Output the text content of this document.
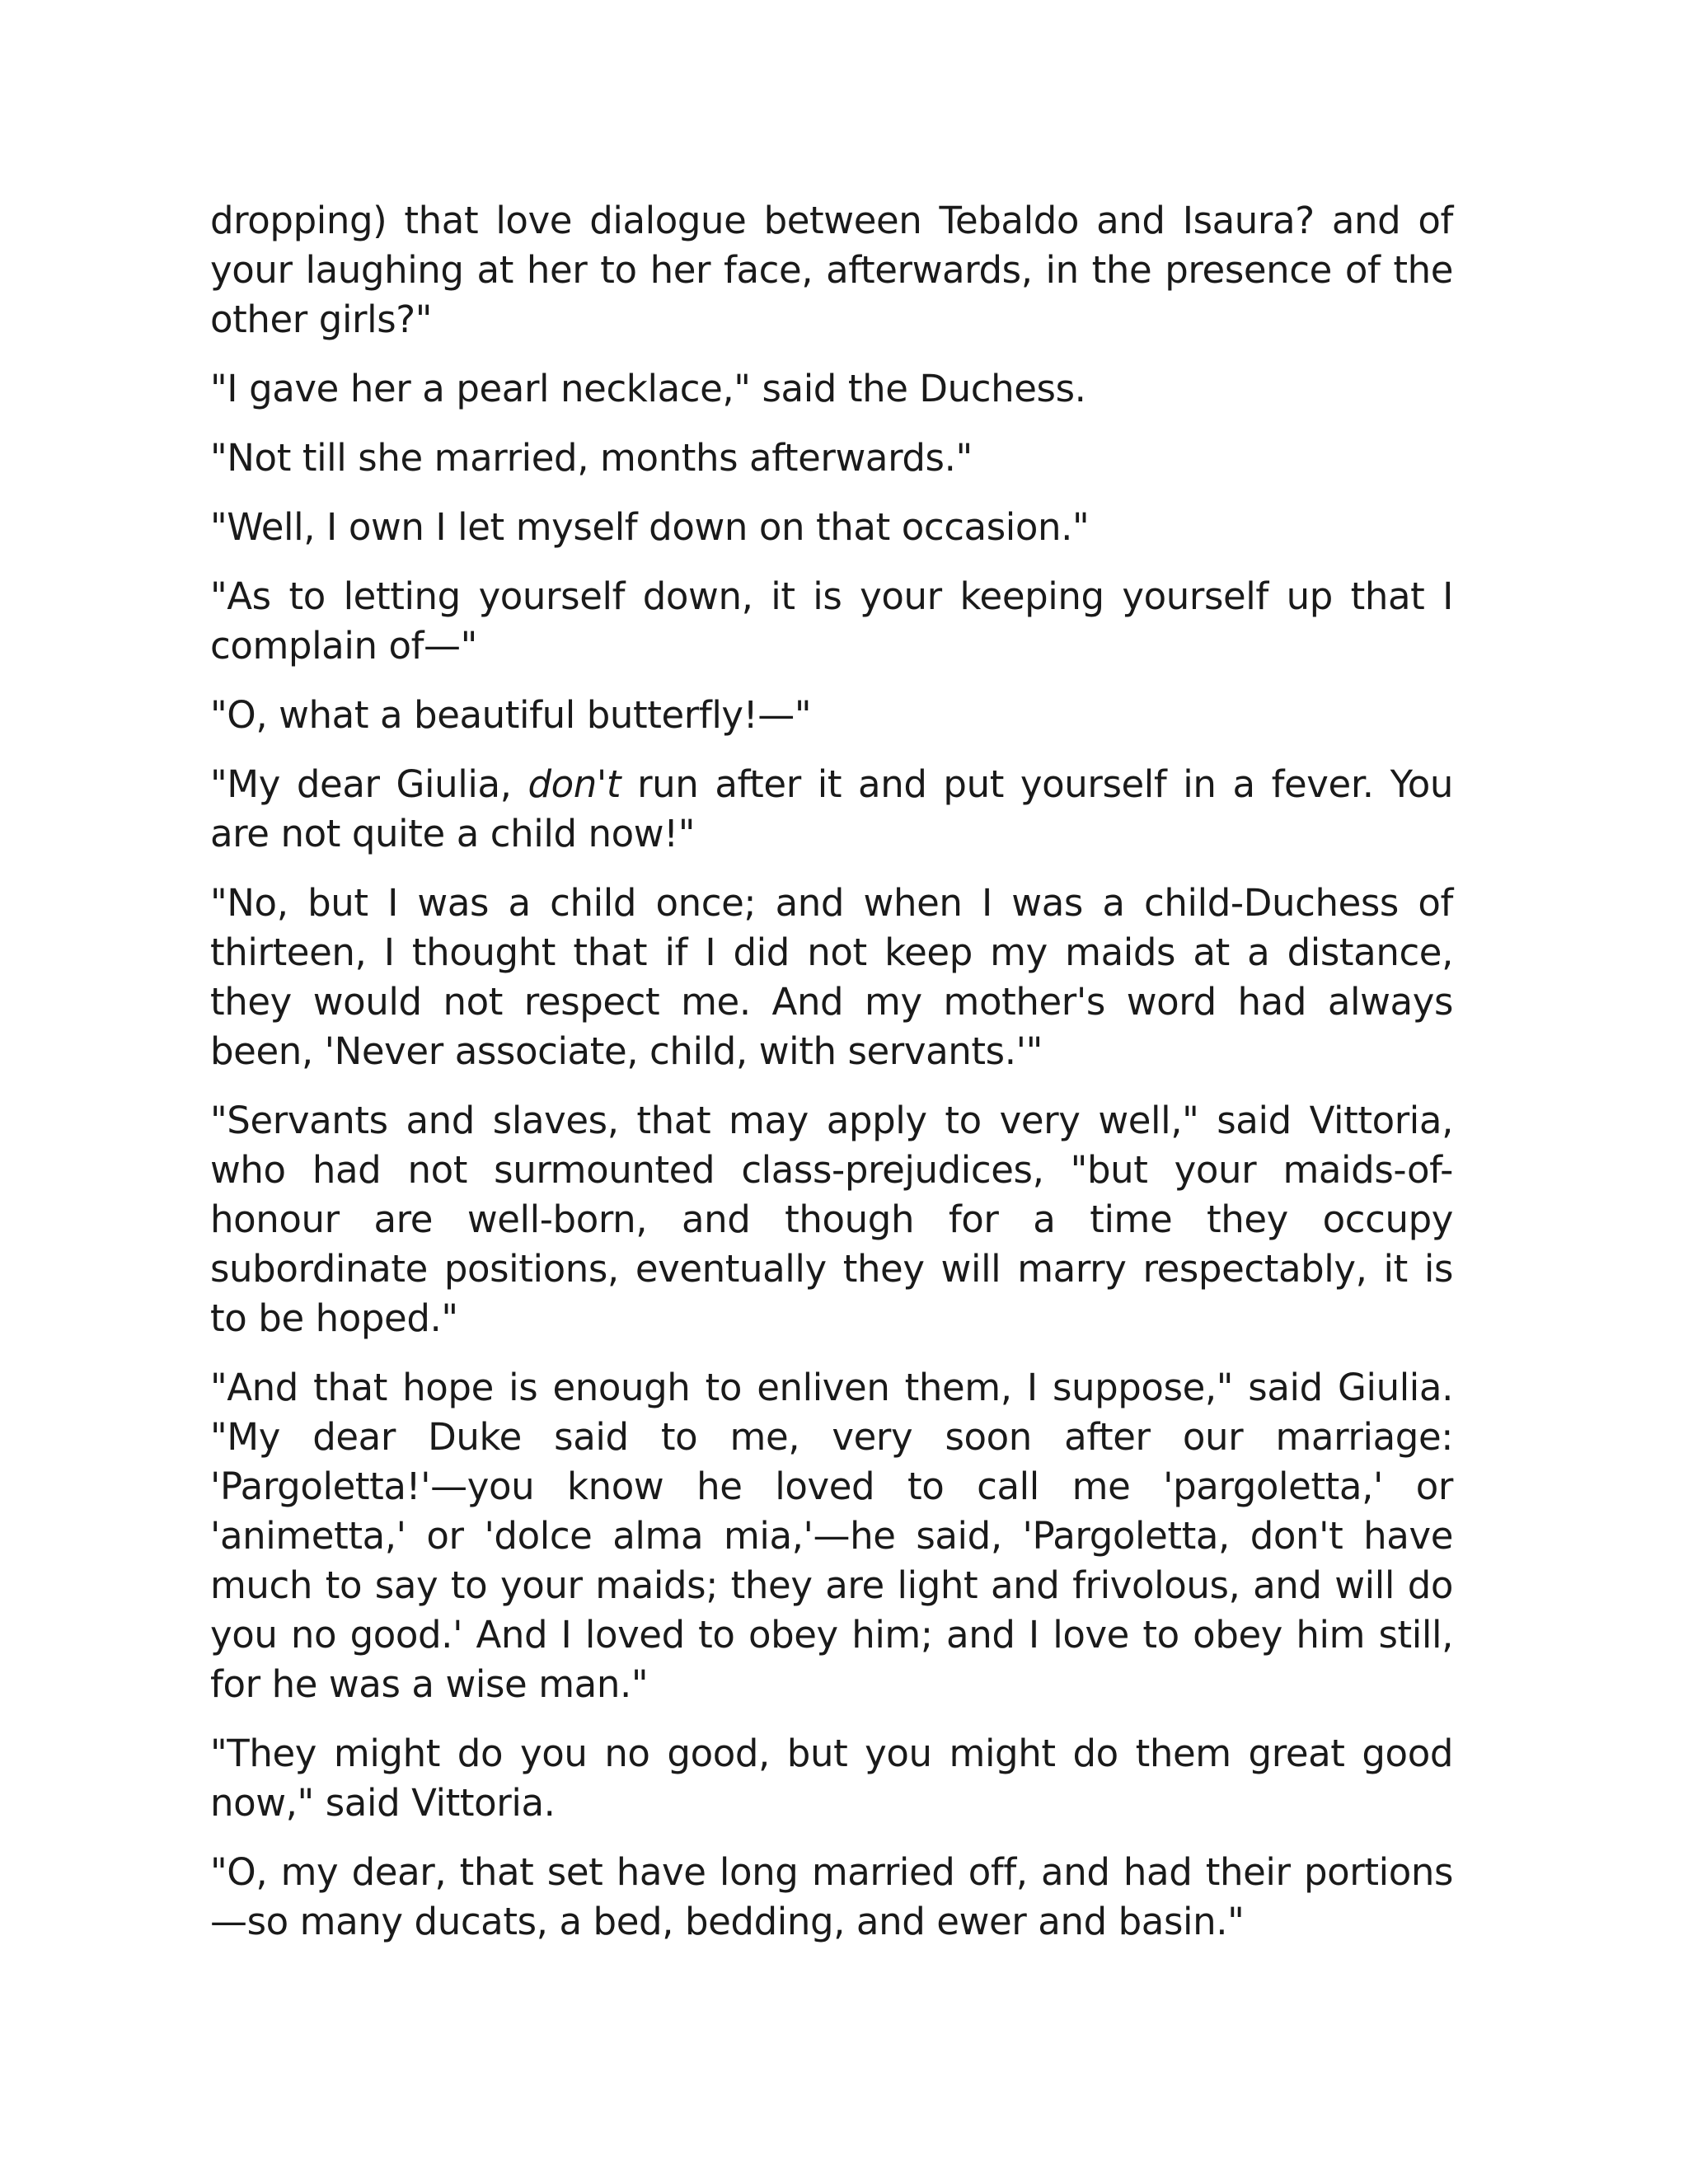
dropping) that love dialogue between Tebaldo and Isaura? and of your laughing at her to her face, afterwards, in the presence of the other girls?"

"I gave her a pearl necklace," said the Duchess.

"Not till she married, months afterwards."

"Well, I own I let myself down on that occasion."

"As to letting yourself down, it is your keeping yourself up that I complain of—"

"O, what a beautiful butterfly!—"

"My dear Giulia, don't run after it and put yourself in a fever. You are not quite a child now!"

"No, but I was a child once; and when I was a child-Duchess of thirteen, I thought that if I did not keep my maids at a distance, they would not respect me. And my mother's word had always been, 'Never associate, child, with servants.'"

"Servants and slaves, that may apply to very well," said Vittoria, who had not surmounted class-prejudices, "but your maids-of-honour are well-born, and though for a time they occupy subordinate positions, eventually they will marry respectably, it is to be hoped."

"And that hope is enough to enliven them, I suppose," said Giulia. "My dear Duke said to me, very soon after our marriage: 'Pargoletta!'—you know he loved to call me 'pargoletta,' or 'animetta,' or 'dolce alma mia,'—he said, 'Pargoletta, don't have much to say to your maids; they are light and frivolous, and will do you no good.' And I loved to obey him; and I love to obey him still, for he was a wise man."

"They might do you no good, but you might do them great good now," said Vittoria.

"O, my dear, that set have long married off, and had their portions—so many ducats, a bed, bedding, and ewer and basin."
